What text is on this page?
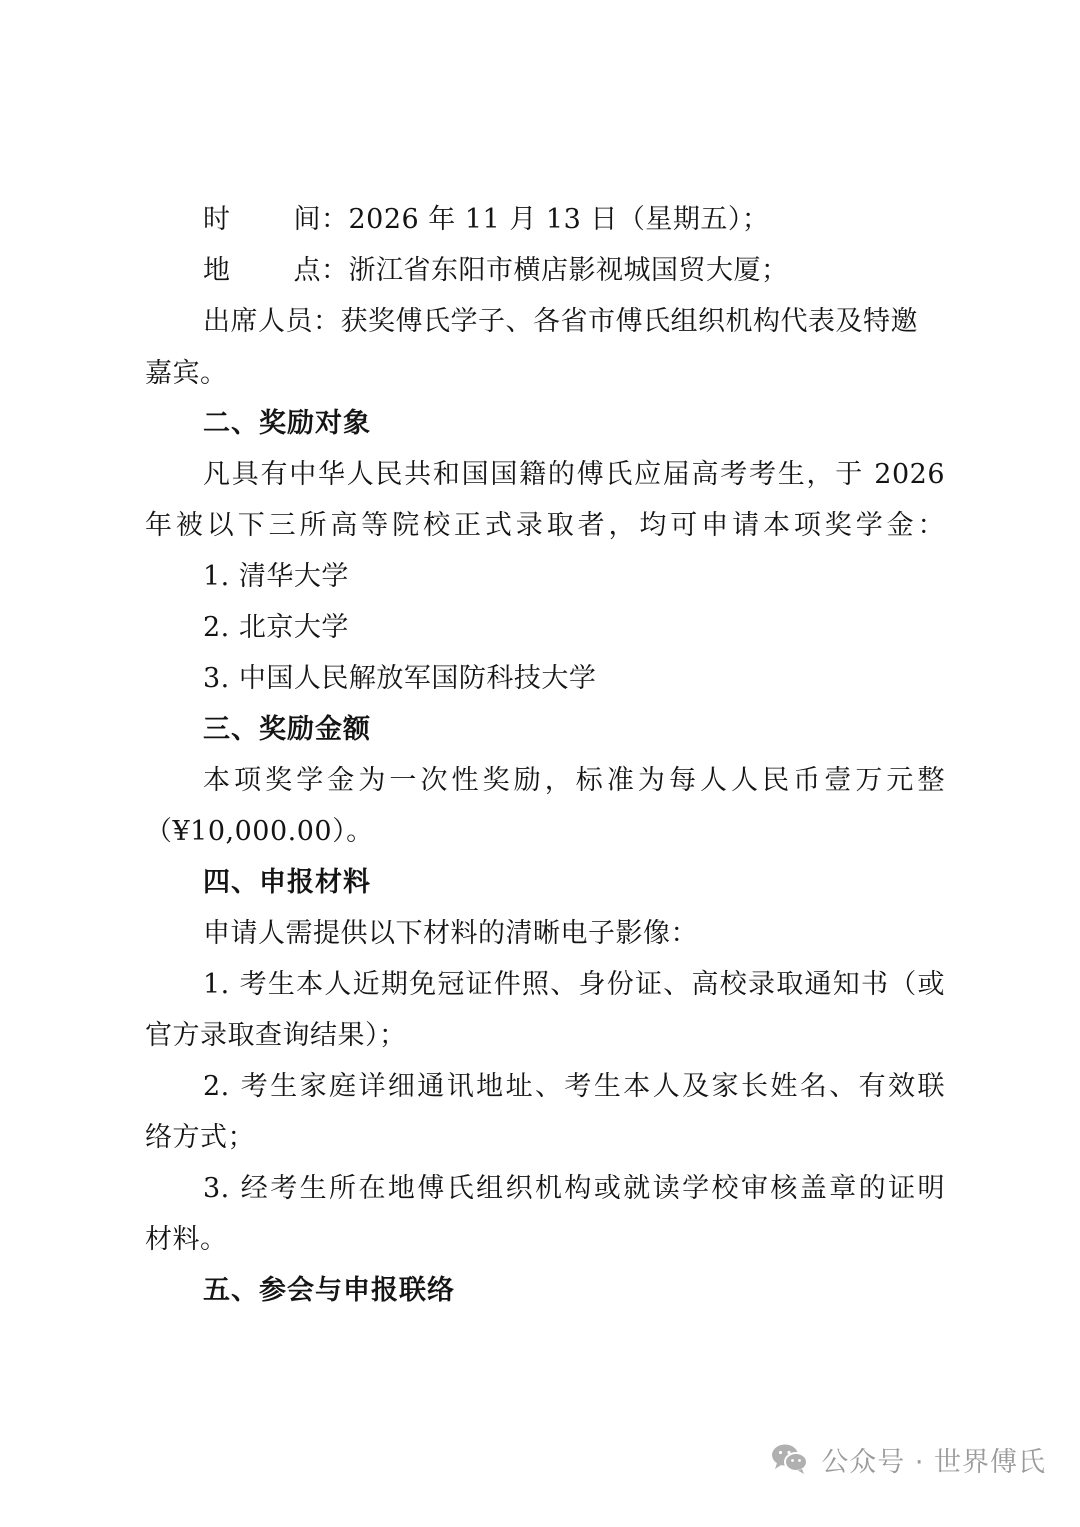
时 间：2026 年 11 月 13 日（星期五）；
地 点：浙江省东阳市横店影视城国贸大厦；
出席人员：获奖傅氏学子、各省市傅氏组织机构代表及特邀
嘉宾。
二、奖励对象
凡具有中华人民共和国国籍的傅氏应届高考考生，于 2026
年被以下三所高等院校正式录取者，均可申请本项奖学金：
1. 清华大学
2. 北京大学
3. 中国人民解放军国防科技大学
三、奖励金额
本项奖学金为一次性奖励，标准为每人人民币壹万元整
（¥10,000.00）。
四、申报材料
申请人需提供以下材料的清晰电子影像：
1. 考生本人近期免冠证件照、身份证、高校录取通知书（或
官方录取查询结果）；
2. 考生家庭详细通讯地址、考生本人及家长姓名、有效联
络方式；
3. 经考生所在地傅氏组织机构或就读学校审核盖章的证明
材料。
五、参会与申报联络
公众号 · 世界傅氏
